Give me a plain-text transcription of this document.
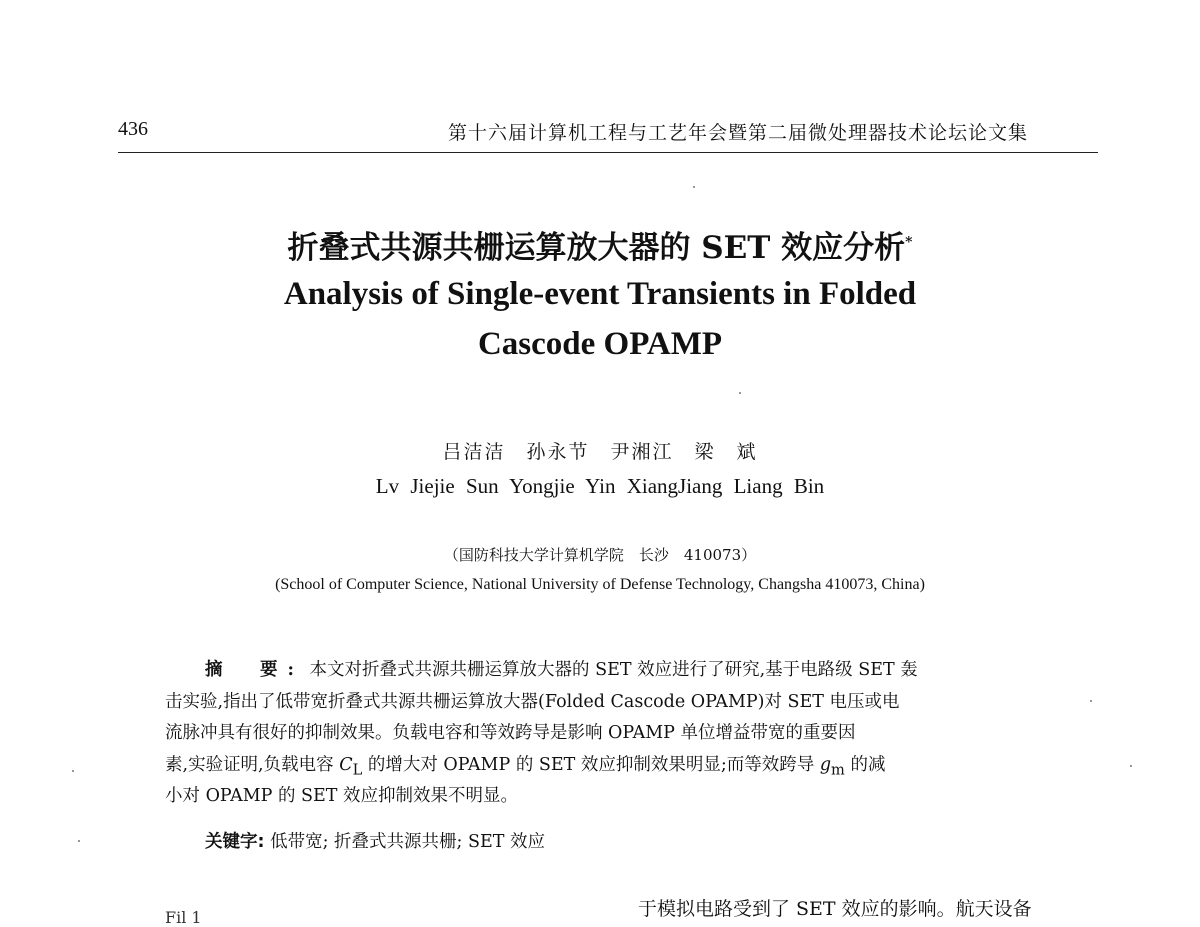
436	第十六届计算机工程与工艺年会暨第二届微处理器技术论坛论文集
折叠式共源共栅运算放大器的 SET 效应分析*
Analysis of Single-event Transients in Folded
Cascode OPAMP
吕洁洁　孙永节　尹湘江　梁　斌
Lv Jiejie Sun Yongjie Yin XiangJiang Liang Bin
（国防科技大学计算机学院　长沙　410073）
(School of Computer Science, National University of Defense Technology, Changsha 410073, China)
摘　要: 本文对折叠式共源共栅运算放大器的 SET 效应进行了研究,基于电路级 SET 轰
击实验,指出了低带宽折叠式共源共栅运算放大器(Folded Cascode OPAMP)对 SET 电压或电
流脉冲具有很好的抑制效果。负载电容和等效跨导是影响 OPAMP 单位增益带宽的重要因
素,实验证明,负载电容 $C_L$ 的增大对 OPAMP 的 SET 效应抑制效果明显;而等效跨导 $g_m$ 的减
小对 OPAMP 的 SET 效应抑制效果不明显。
关键字: 低带宽; 折叠式共源共栅; SET 效应
于模拟电路受到了 SET 效应的影响。航天设备
Fil 1
